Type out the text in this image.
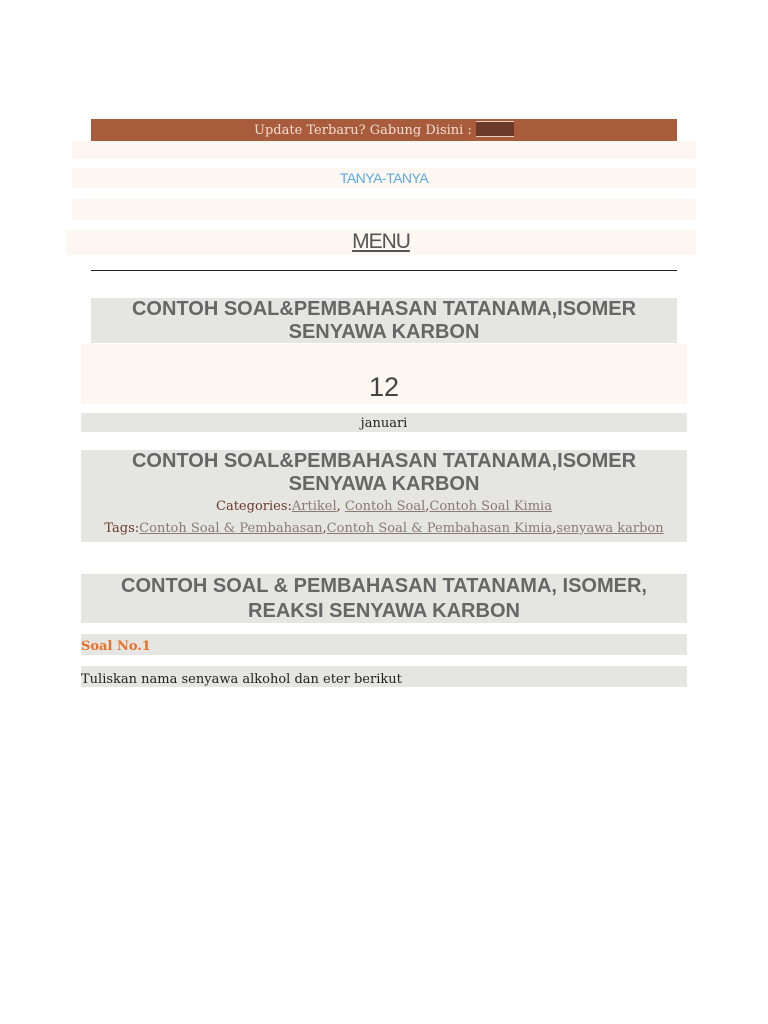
Update Terbaru? Gabung Disini :
TANYA-TANYA
MENU
CONTOH SOAL&PEMBAHASAN TATANAMA,ISOMER SENYAWA KARBON
12
januari
CONTOH SOAL&PEMBAHASAN TATANAMA,ISOMER SENYAWA KARBON
Categories:Artikel, Contoh Soal,Contoh Soal Kimia
Tags:Contoh Soal & Pembahasan,Contoh Soal & Pembahasan Kimia,senyawa karbon
CONTOH SOAL & PEMBAHASAN TATANAMA, ISOMER, REAKSI SENYAWA KARBON
Soal No.1
Tuliskan nama senyawa alkohol dan eter berikut
